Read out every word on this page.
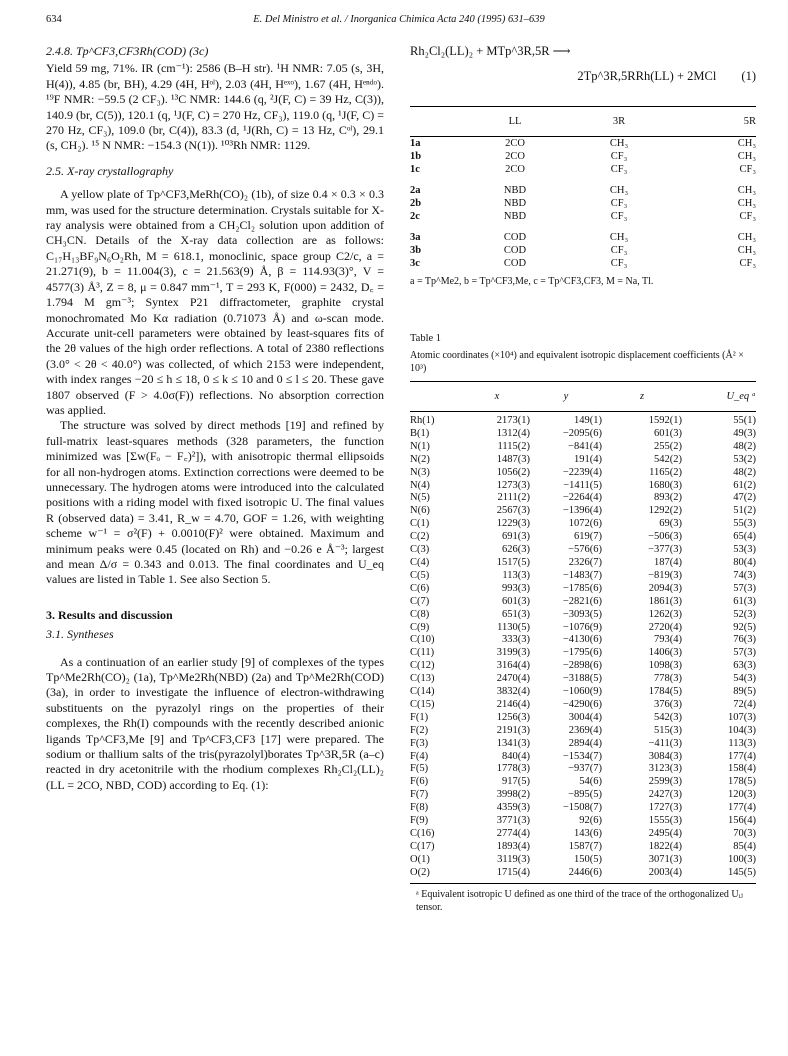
634	E. Del Ministro et al. / Inorganica Chimica Acta 240 (1995) 631–639
2.4.8. Tp^CF3,CF3Rh(COD) (3c)

Yield 59 mg, 71%. IR (cm⁻¹): 2586 (B–H str). ¹H NMR: 7.05 (s, 3H, H(4)), 4.85 (br, BH), 4.29 (4H, Hᵒˡ), 2.03 (4H, Hᵉˣᵒ), 1.67 (4H, Hᵉⁿᵈᵒ). ¹⁹F NMR: −59.5 (2 CF₃). ¹³C NMR: 144.6 (q, ²J(F, C) = 39 Hz, C(3)), 140.9 (br, C(5)), 120.1 (q, ¹J(F, C) = 270 Hz, CF₃), 119.0 (q, ¹J(F, C) = 270 Hz, CF₃), 109.0 (br, C(4)), 83.3 (d, ¹J(Rh, C) = 13 Hz, Cᵒˡ), 29.1 (s, CH₂). ¹⁵ N NMR: −154.3 (N(1)). ¹⁰³Rh NMR: 1129.

2.5. X-ray crystallography

A yellow plate of Tp^CF3,MeRh(CO)₂ (1b), of size 0.4 × 0.3 × 0.3 mm, was used for the structure determination. Crystals suitable for X-ray analysis were obtained from a CH₂Cl₂ solution upon addition of CH₃CN. Details of the X-ray data collection are as follows: C₁₇H₁₃BF₉N₆O₂Rh, M = 618.1, monoclinic, space group C2/c, a = 21.271(9), b = 11.004(3), c = 21.563(9) Å, β = 114.93(3)°, V = 4577(3) Å³, Z = 8, μ = 0.847 mm⁻¹, T = 293 K, F(000) = 2432, D꜀ = 1.794 M gm⁻³; Syntex P21 diffractometer, graphite crystal monochromated Mo Kα radiation (0.71073 Å) and ω-scan mode. Accurate unit-cell parameters were obtained by least-squares fits of the 2θ values of the high order reflections. A total of 2380 reflections (3.0° < 2θ < 40.0°) was collected, of which 2153 were independent, with index ranges −20 ≤ h ≤ 18, 0 ≤ k ≤ 10 and 0 ≤ l ≤ 20. These gave 1807 observed (F > 4.0σ(F)) reflections. No absorption correction was applied.

The structure was solved by direct methods [19] and refined by full-matrix least-squares methods (328 parameters, the function minimized was [Σw(Fₒ − F꜀)²]), with anisotropic thermal ellipsoids for all non-hydrogen atoms. Extinction corrections were deemed to be unnecessary. The hydrogen atoms were introduced into the calculated positions with a riding model with fixed isotropic U. The final values R (observed data) = 3.41, R_w = 4.70, GOF = 1.26, with weighting scheme w⁻¹ = σ²(F) + 0.0010(F)² were obtained. Maximum and minimum peaks were 0.45 (located on Rh) and −0.26 e Å⁻³; largest and mean Δ/σ = 0.343 and 0.013. The final coordinates and U_eq values are listed in Table 1. See also Section 5.

3. Results and discussion
3.1. Syntheses

As a continuation of an earlier study [9] of complexes of the types Tp^Me2Rh(CO)₂ (1a), Tp^Me2Rh(NBD) (2a) and Tp^Me2Rh(COD) (3a), in order to investigate the influence of electron-withdrawing substituents on the pyrazolyl rings on the properties of their complexes, the Rh(I) compounds with the recently described anionic ligands Tp^CF3,Me [9] and Tp^CF3,CF3 [17] were prepared. The sodium or thallium salts of the tris(pyrazolyl)borates Tp^3R,5R (a–c) reacted in dry acetonitrile with the rhodium complexes Rh₂Cl₂(LL)₂ (LL = 2CO, NBD, COD) according to Eq. (1):

Rh₂Cl₂(LL)₂ + MTp^3R,5R ⟶
2Tp^3R,5RRh(LL) + 2MCl (1)
	LL	3R	5R
1a	2CO	CH₃	CH₃
1b	2CO	CF₃	CH₃
1c	2CO	CF₃	CF₃
2a	NBD	CH₃	CH₃
2b	NBD	CF₃	CH₃
2c	NBD	CF₃	CF₃
3a	COD	CH₃	CH₃
3b	COD	CF₃	CH₃
3c	COD	CF₃	CF₃
a = Tp^Me2, b = Tp^CF3,Me, c = Tp^CF3,CF3, M = Na, Tl.
Table 1
Atomic coordinates (×10⁴) and equivalent isotropic displacement coefficients (Å² × 10³)
	x	y	z	U_eq ᵃ
Rh(1)	2173(1)	149(1)	1592(1)	55(1)
B(1)	1312(4)	−2095(6)	601(3)	49(3)
N(1)	1115(2)	−841(4)	255(2)	48(2)
N(2)	1487(3)	191(4)	542(2)	53(2)
N(3)	1056(2)	−2239(4)	1165(2)	48(2)
N(4)	1273(3)	−1411(5)	1680(3)	61(2)
N(5)	2111(2)	−2264(4)	893(2)	47(2)
N(6)	2567(3)	−1396(4)	1292(2)	51(2)
C(1)	1229(3)	1072(6)	69(3)	55(3)
C(2)	691(3)	619(7)	−506(3)	65(4)
C(3)	626(3)	−576(6)	−377(3)	53(3)
C(4)	1517(5)	2326(7)	187(4)	80(4)
C(5)	113(3)	−1483(7)	−819(3)	74(3)
C(6)	993(3)	−1785(6)	2094(3)	57(3)
C(7)	601(3)	−2821(6)	1861(3)	61(3)
C(8)	651(3)	−3093(5)	1262(3)	52(3)
C(9)	1130(5)	−1076(9)	2720(4)	92(5)
C(10)	333(3)	−4130(6)	793(4)	76(3)
C(11)	3199(3)	−1795(6)	1406(3)	57(3)
C(12)	3164(4)	−2898(6)	1098(3)	63(3)
C(13)	2470(4)	−3188(5)	778(3)	54(3)
C(14)	3832(4)	−1060(9)	1784(5)	89(5)
C(15)	2146(4)	−4290(6)	376(3)	72(4)
F(1)	1256(3)	3004(4)	542(3)	107(3)
F(2)	2191(3)	2369(4)	515(3)	104(3)
F(3)	1341(3)	2894(4)	−411(3)	113(3)
F(4)	840(4)	−1534(7)	3084(3)	177(4)
F(5)	1778(3)	−937(7)	3123(3)	158(4)
F(6)	917(5)	54(6)	2599(3)	178(5)
F(7)	3998(2)	−895(5)	2427(3)	120(3)
F(8)	4359(3)	−1508(7)	1727(3)	177(4)
F(9)	3771(3)	92(6)	1555(3)	156(4)
C(16)	2774(4)	143(6)	2495(4)	70(3)
C(17)	1893(4)	1587(7)	1822(4)	85(4)
O(1)	3119(3)	150(5)	3071(3)	100(3)
O(2)	1715(4)	2446(6)	2003(4)	145(5)
ᵃ Equivalent isotropic U defined as one third of the trace of the orthogonalized Uᵢⱼ tensor.
